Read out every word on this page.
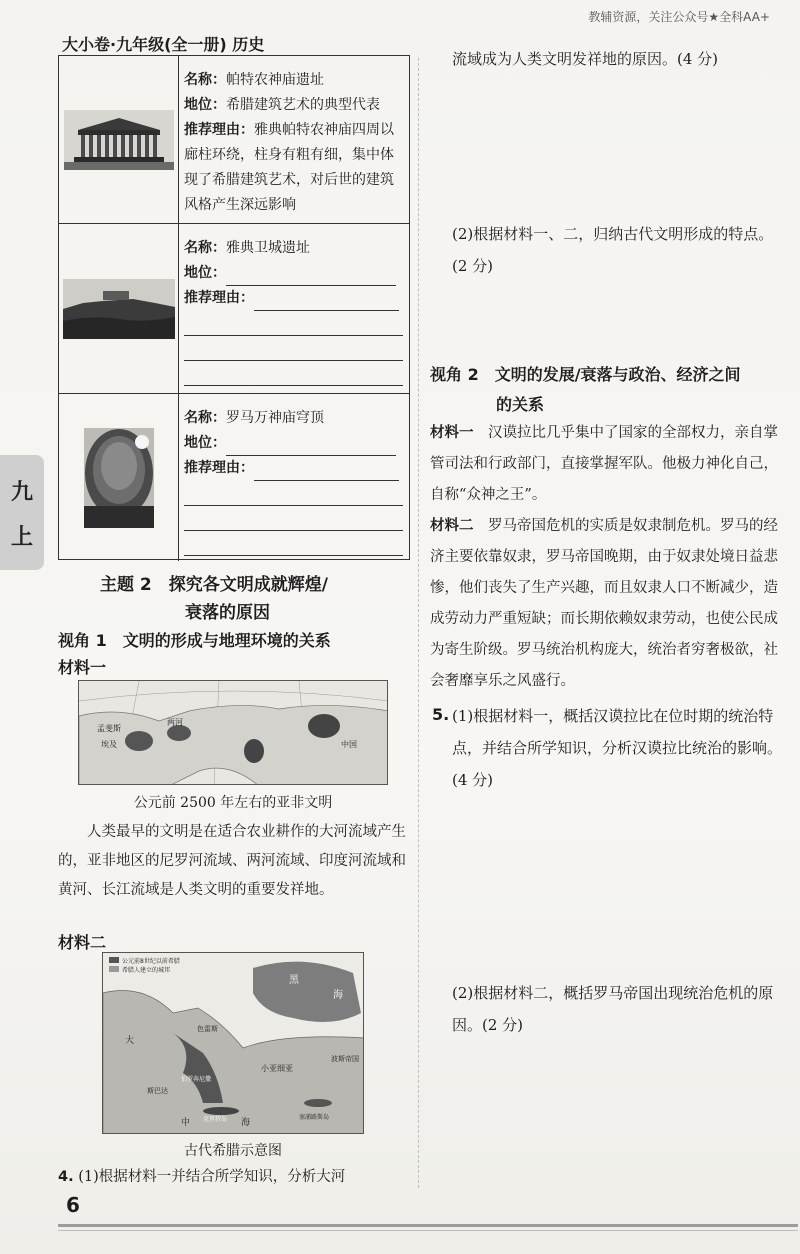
大小卷·九年级(全一册) 历史
教辅资源，关注公众号★全科AA+
九
上
名称：帕特农神庙遗址
地位：希腊建筑艺术的典型代表
推荐理由：雅典帕特农神庙四周以廊柱环绕，柱身有粗有细，集中体现了希腊建筑艺术，对后世的建筑风格产生深远影响
名称：雅典卫城遗址
地位：
推荐理由：
名称：罗马万神庙穹顶
地位：
推荐理由：
主题 2　探究各文明成就辉煌/
衰落的原因
视角 1　文明的形成与地理环境的关系
材料一
孟斐斯
埃及
两河
中国
公元前 2500 年左右的亚非文明
人类最早的文明是在适合农业耕作的大河流域产生的，亚非地区的尼罗河流域、两河流域、印度河流域和黄河、长江流域是人类文明的重要发祥地。
材料二
公元前8世纪以前希腊
希腊人建立的城邦
黑
海
小亚细亚
波斯帝国
大
中	海
斯巴达
克里特岛	塞浦路斯岛
伯罗奔尼撒
色雷斯
古代希腊示意图
4. (1)根据材料一并结合所学知识，分析大河
流域成为人类文明发祥地的原因。(4 分)
(2)根据材料一、二，归纳古代文明形成的特点。(2 分)
视角 2　文明的发展/衰落与政治、经济之间
的关系
材料一　 汉谟拉比几乎集中了国家的全部权力，亲自掌管司法和行政部门，直接掌握军队。他极力神化自己，自称“众神之王”。
材料二　 罗马帝国危机的实质是奴隶制危机。罗马的经济主要依靠奴隶，罗马帝国晚期，由于奴隶处境日益悲惨，他们丧失了生产兴趣，而且奴隶人口不断减少，造成劳动力严重短缺；而长期依赖奴隶劳动，也使公民成为寄生阶级。罗马统治机构庞大，统治者穷奢极欲，社会奢靡享乐之风盛行。
5. (1)根据材料一，概括汉谟拉比在位时期的统治特点，并结合所学知识，分析汉谟拉比统治的影响。(4 分)
(2)根据材料二，概括罗马帝国出现统治危机的原因。(2 分)
6
